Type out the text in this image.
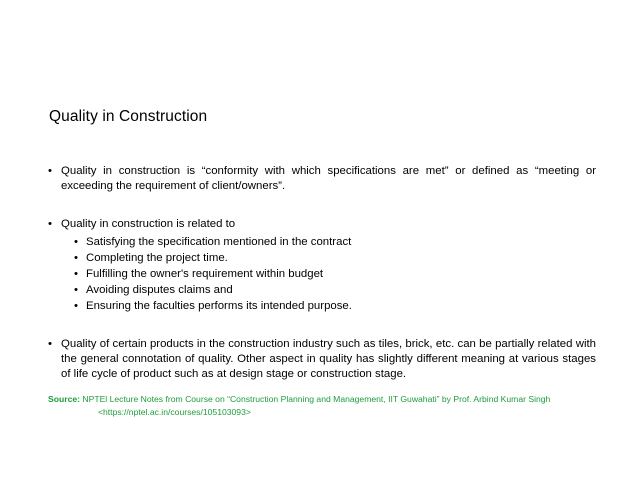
Quality in Construction
• Quality in construction is “conformity with which specifications are met” or defined as “meeting or exceeding the requirement of client/owners”.
• Quality in construction is related to
• Satisfying the specification mentioned in the contract
• Completing the project time.
• Fulfilling the owner's requirement within budget
• Avoiding disputes claims and
• Ensuring the faculties performs its intended purpose.
• Quality of certain products in the construction industry such as tiles, brick, etc. can be partially related with the general connotation of quality. Other aspect in quality has slightly different meaning at various stages of life cycle of product such as at design stage or construction stage.
Source: NPTEl Lecture Notes from Course on “Construction Planning and Management, IIT Guwahati” by Prof. Arbind Kumar Singh
<https://nptel.ac.in/courses/105103093>
